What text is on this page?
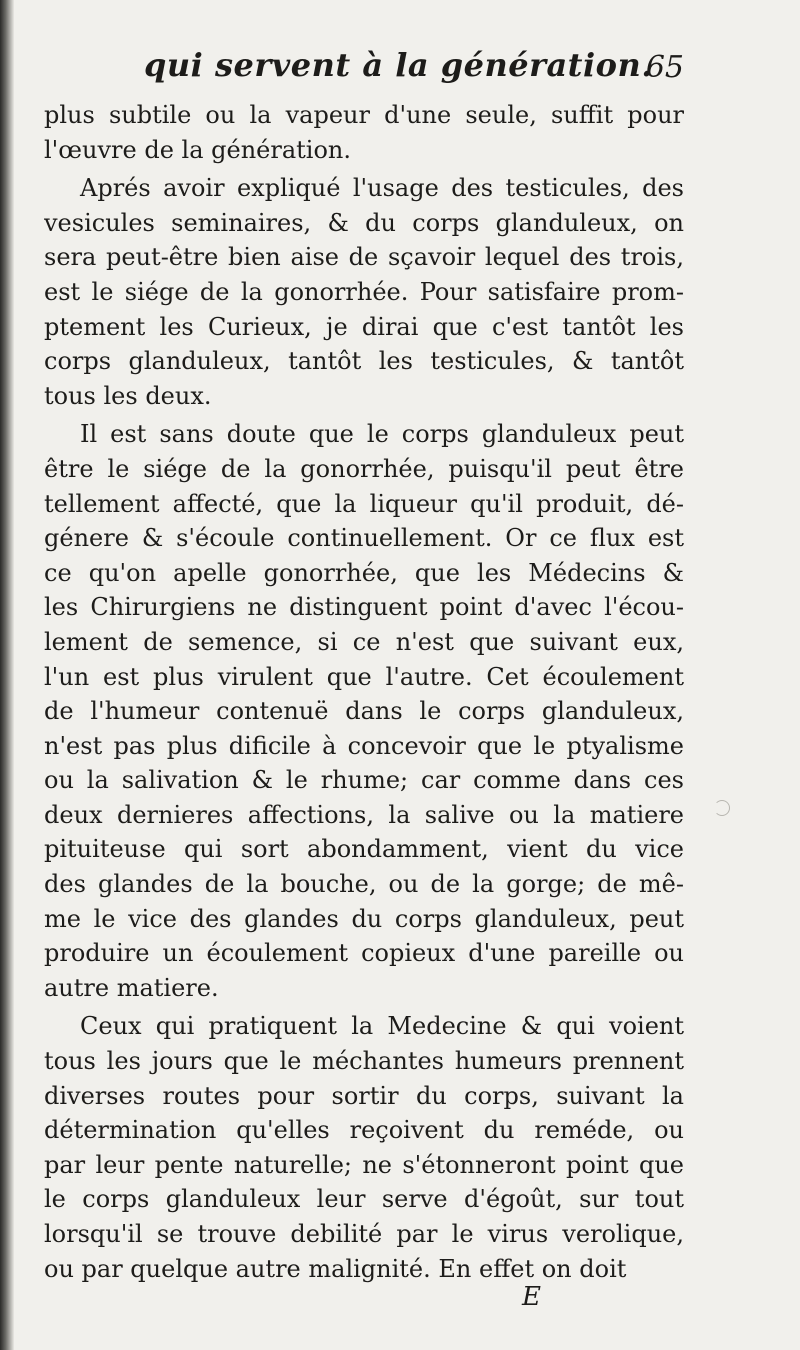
qui servent à la génération.
65
plus subtile ou la vapeur d'une seule, suffit pour
l'œuvre de la génération.
Aprés avoir expliqué l'usage des testicules, des
vesicules seminaires, & du corps glanduleux, on
sera peut-être bien aise de sçavoir lequel des trois,
est le siége de la gonorrhée. Pour satisfaire prom-
ptement les Curieux, je dirai que c'est tantôt les
corps glanduleux, tantôt les testicules, & tantôt
tous les deux.
Il est sans doute que le corps glanduleux peut
être le siége de la gonorrhée, puisqu'il peut être
tellement affecté, que la liqueur qu'il produit, dé-
génere & s'écoule continuellement. Or ce flux est
ce qu'on apelle gonorrhée, que les Médecins &
les Chirurgiens ne distinguent point d'avec l'écou-
lement de semence, si ce n'est que suivant eux,
l'un est plus virulent que l'autre. Cet écoulement
de l'humeur contenuë dans le corps glanduleux,
n'est pas plus dificile à concevoir que le ptyalisme
ou la salivation & le rhume; car comme dans ces
deux dernieres affections, la salive ou la matiere
pituiteuse qui sort abondamment, vient du vice
des glandes de la bouche, ou de la gorge; de mê-
me le vice des glandes du corps glanduleux, peut
produire un écoulement copieux d'une pareille ou
autre matiere.
Ceux qui pratiquent la Medecine & qui voient
tous les jours que le méchantes humeurs prennent
diverses routes pour sortir du corps, suivant la
détermination qu'elles reçoivent du reméde, ou
par leur pente naturelle; ne s'étonneront point que
le corps glanduleux leur serve d'égoût, sur tout
lorsqu'il se trouve debilité par le virus verolique,
ou par quelque autre malignité. En effet on doit
E
